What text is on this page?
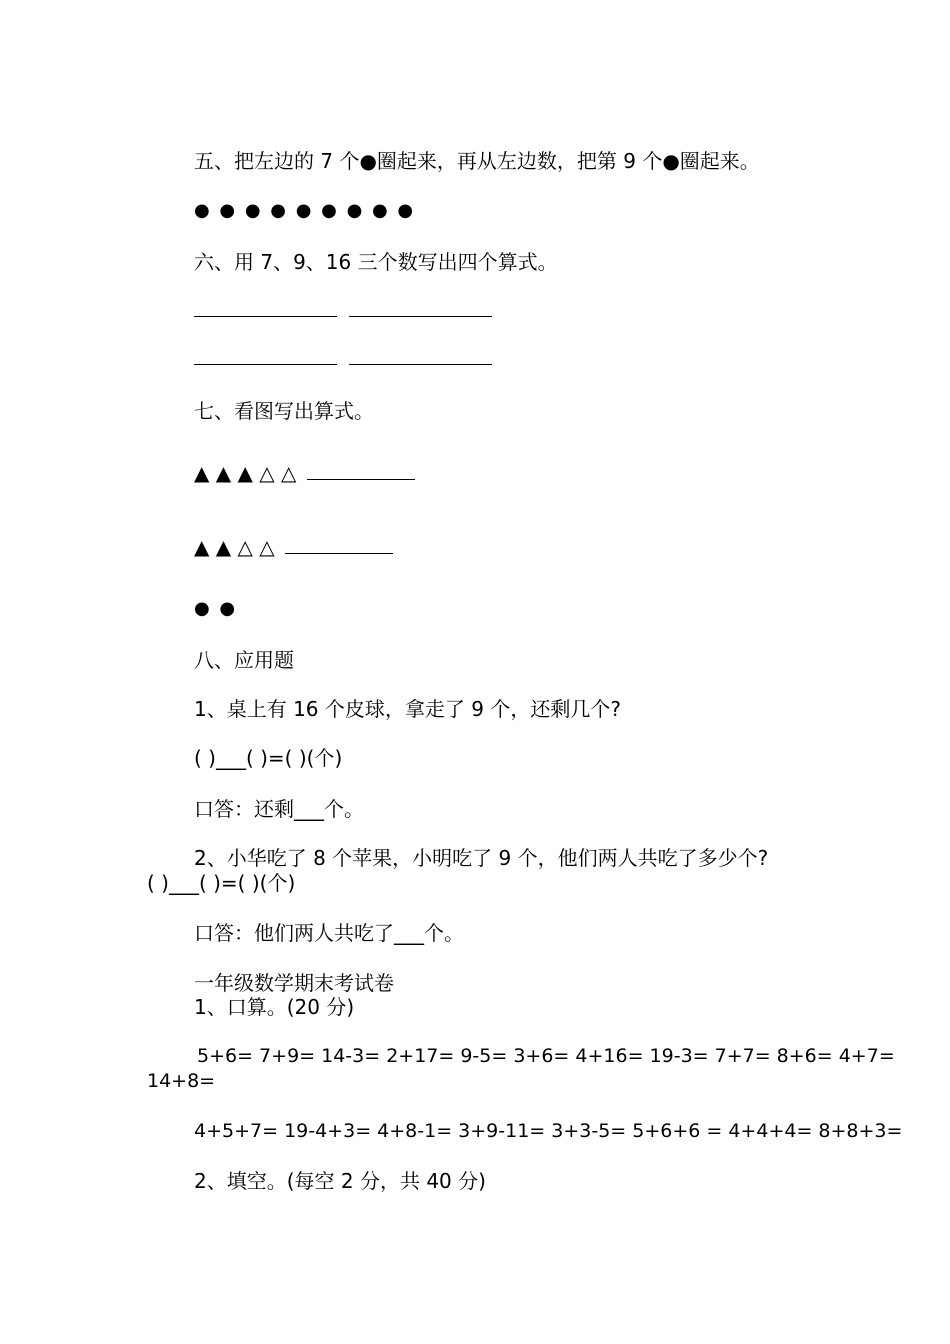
五、把左边的 7 个●圈起来，再从左边数，把第 9 个●圈起来。
● ● ● ● ● ● ● ● ●
六、用 7、9、16 三个数写出四个算式。

七、看图写出算式。
▲ ▲ ▲ △ △
▲ ▲ △ △
● ●
八、应用题
1、桌上有 16 个皮球，拿走了 9 个，还剩几个?
( )___( )=( )(个)
口答：还剩___个。
2、小华吃了 8 个苹果，小明吃了 9 个，他们两人共吃了多少个?
( )___( )=( )(个)
口答：他们两人共吃了___个。
一年级数学期末考试卷
1、口算。(20 分)
5+6= 7+9= 14-3= 2+17= 9-5= 3+6= 4+16= 19-3= 7+7= 8+6= 4+7=
14+8=
4+5+7= 19-4+3= 4+8-1= 3+9-11= 3+3-5= 5+6+6 = 4+4+4= 8+8+3=
2、填空。(每空 2 分，共 40 分)
